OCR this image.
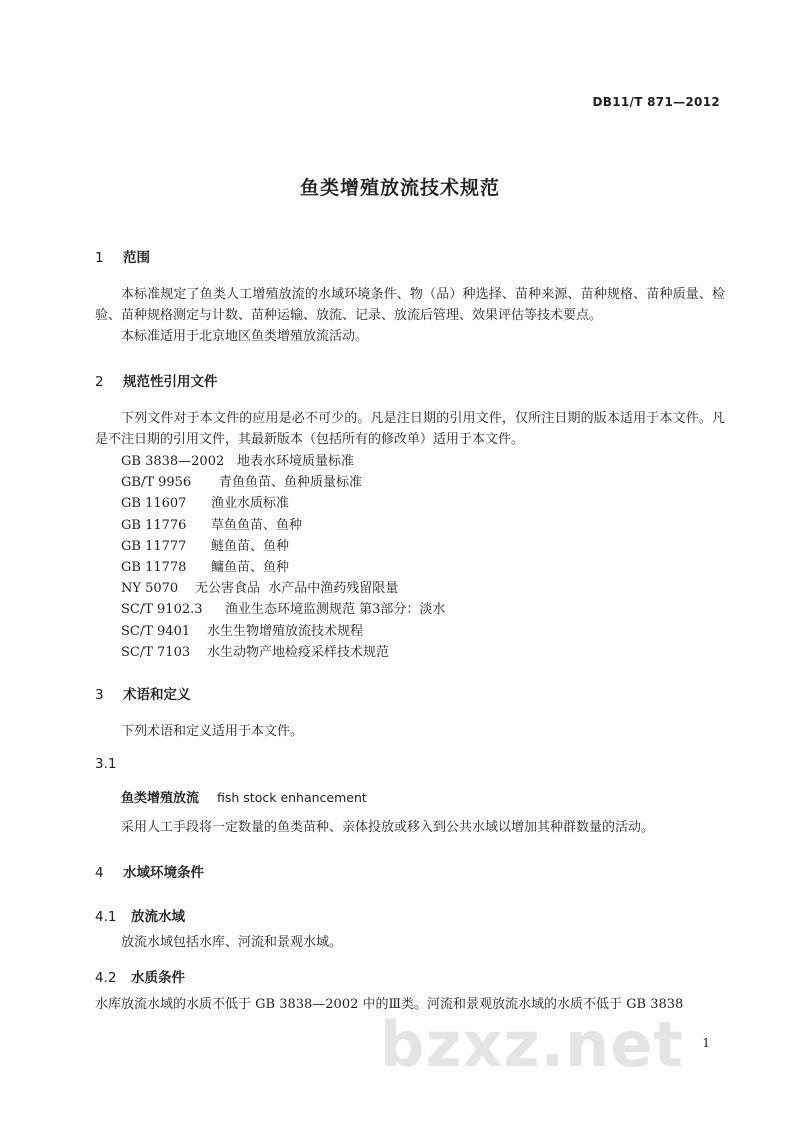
DB11/T 871—2012
鱼类增殖放流技术规范
1 范围
本标准规定了鱼类人工增殖放流的水域环境条件、物（品）种选择、苗种来源、苗种规格、苗种质量、检验、苗种规格测定与计数、苗种运输、放流、记录、放流后管理、效果评估等技术要点。
本标准适用于北京地区鱼类增殖放流活动。
2 规范性引用文件
下列文件对于本文件的应用是必不可少的。凡是注日期的引用文件，仅所注日期的版本适用于本文件。凡是不注日期的引用文件，其最新版本（包括所有的修改单）适用于本文件。
GB 3838—2002 地表水环境质量标准
GB/T 9956 青鱼鱼苗、鱼种质量标准
GB 11607 渔业水质标准
GB 11776 草鱼鱼苗、鱼种
GB 11777 鲢鱼苗、鱼种
GB 11778 鳙鱼苗、鱼种
NY 5070 无公害食品  水产品中渔药残留限量
SC/T 9102.3 渔业生态环境监测规范 第3部分：淡水
SC/T 9401 水生生物增殖放流技术规程
SC/T 7103 水生动物产地检疫采样技术规范
3 术语和定义
下列术语和定义适用于本文件。
3.1
鱼类增殖放流 fish stock enhancement
采用人工手段将一定数量的鱼类苗种、亲体投放或移入到公共水域以增加其种群数量的活动。
4 水域环境条件
4.1 放流水域
放流水域包括水库、河流和景观水域。
4.2 水质条件
水库放流水域的水质不低于 GB 3838—2002 中的Ⅲ类。河流和景观放流水域的水质不低于 GB 3838
bzxz.net 1
